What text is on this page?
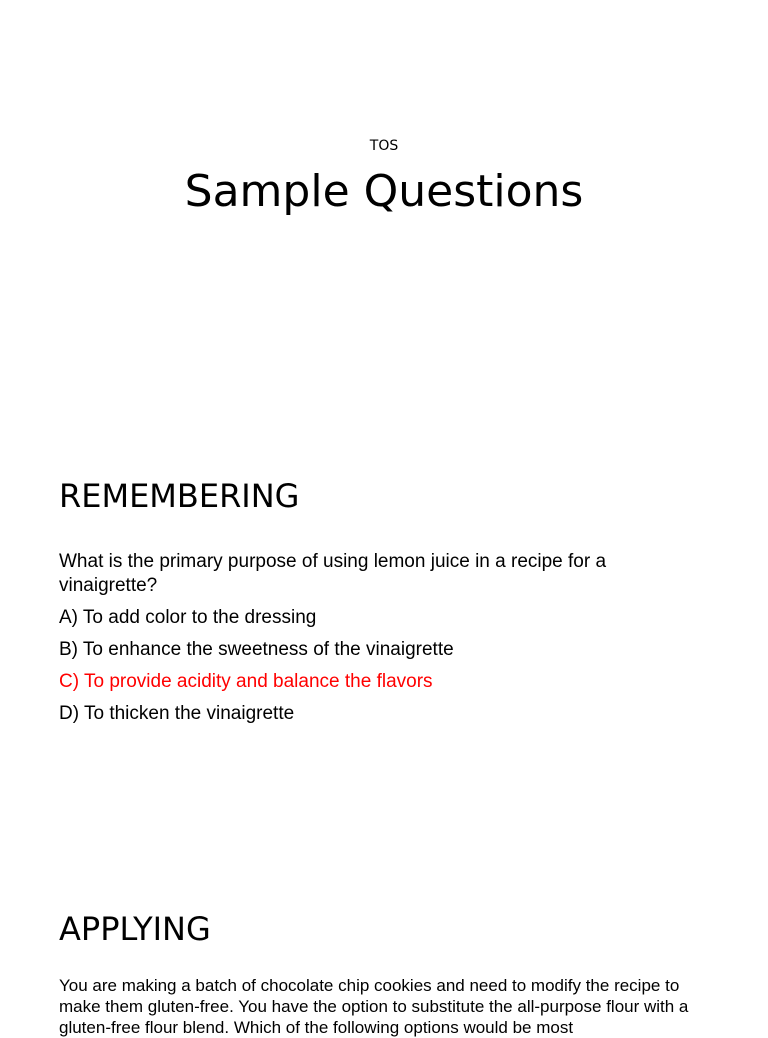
TOS
Sample Questions
REMEMBERING

What is the primary purpose of using lemon juice in a recipe for a vinaigrette?

A) To add color to the dressing
B) To enhance the sweetness of the vinaigrette
C) To provide acidity and balance the flavors
D) To thicken the vinaigrette
APPLYING

You are making a batch of chocolate chip cookies and need to modify the recipe to make them gluten-free. You have the option to substitute the all-purpose flour with a gluten-free flour blend. Which of the following options would be most
